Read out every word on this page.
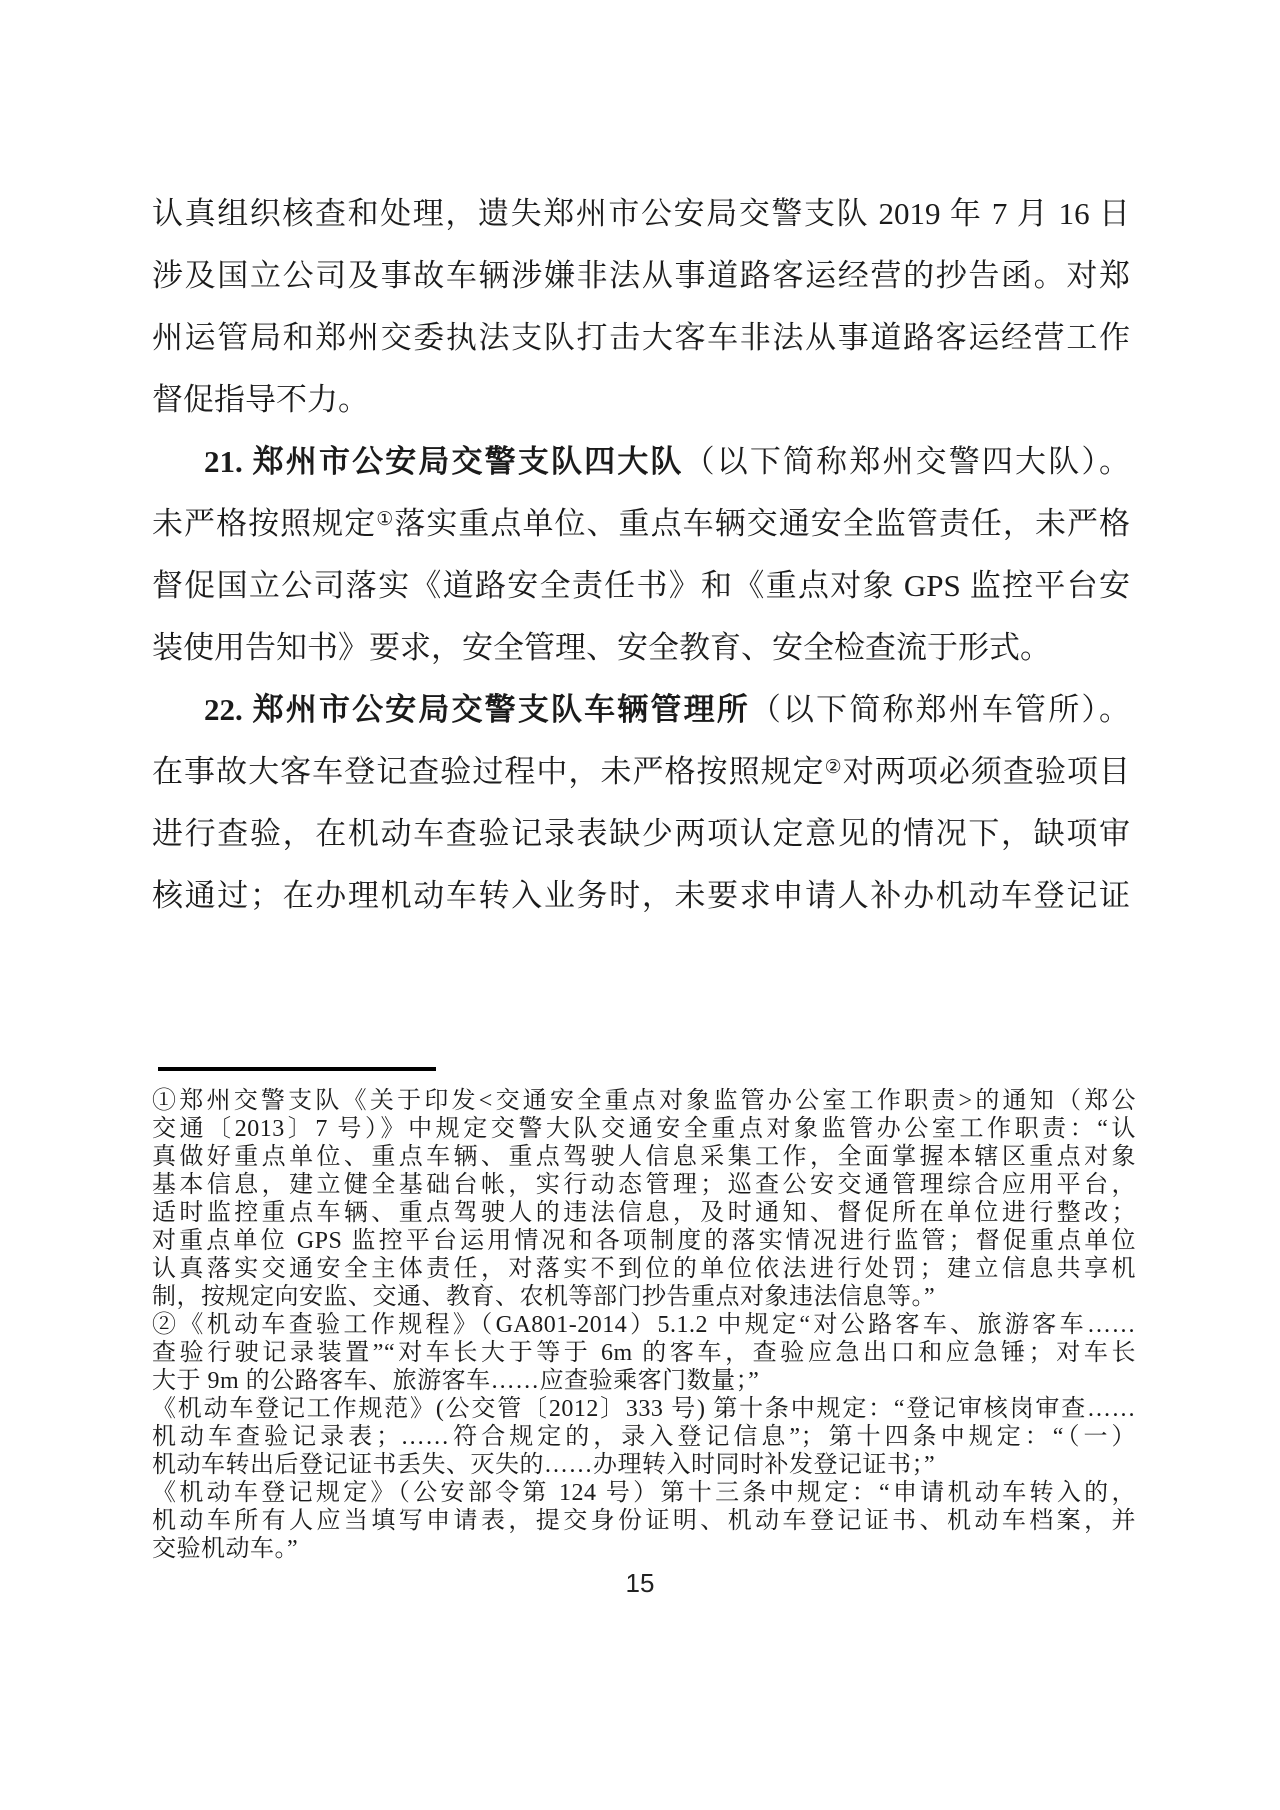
认真组织核查和处理，遗失郑州市公安局交警支队 2019 年 7 月 16 日
涉及国立公司及事故车辆涉嫌非法从事道路客运经营的抄告函。对郑
州运管局和郑州交委执法支队打击大客车非法从事道路客运经营工作
督促指导不力。
21. 郑州市公安局交警支队四大队（以下简称郑州交警四大队）。
未严格按照规定①落实重点单位、重点车辆交通安全监管责任，未严格
督促国立公司落实《道路安全责任书》和《重点对象 GPS 监控平台安
装使用告知书》要求，安全管理、安全教育、安全检查流于形式。
22. 郑州市公安局交警支队车辆管理所（以下简称郑州车管所）。
在事故大客车登记查验过程中，未严格按照规定②对两项必须查验项目
进行查验，在机动车查验记录表缺少两项认定意见的情况下，缺项审
核通过；在办理机动车转入业务时，未要求申请人补办机动车登记证
①郑州交警支队《关于印发<交通安全重点对象监管办公室工作职责>的通知（郑公
交通〔2013〕7 号）》中规定交警大队交通安全重点对象监管办公室工作职责：“认
真做好重点单位、重点车辆、重点驾驶人信息采集工作，全面掌握本辖区重点对象
基本信息，建立健全基础台帐，实行动态管理；巡查公安交通管理综合应用平台，
适时监控重点车辆、重点驾驶人的违法信息，及时通知、督促所在单位进行整改；
对重点单位 GPS 监控平台运用情况和各项制度的落实情况进行监管；督促重点单位
认真落实交通安全主体责任，对落实不到位的单位依法进行处罚；建立信息共享机
制，按规定向安监、交通、教育、农机等部门抄告重点对象违法信息等。”
②《机动车查验工作规程》（GA801-2014）5.1.2 中规定“对公路客车、旅游客车……
查验行驶记录装置”“对车长大于等于 6m 的客车，查验应急出口和应急锤；对车长
大于 9m 的公路客车、旅游客车……应查验乘客门数量；”
《机动车登记工作规范》(公交管〔2012〕333 号) 第十条中规定：“登记审核岗审查……
机动车查验记录表；……符合规定的，录入登记信息”；第十四条中规定：“（一）
机动车转出后登记证书丢失、灭失的……办理转入时同时补发登记证书；”
《机动车登记规定》（公安部令第 124 号）第十三条中规定：“申请机动车转入的，
机动车所有人应当填写申请表，提交身份证明、机动车登记证书、机动车档案，并
交验机动车。”
15
